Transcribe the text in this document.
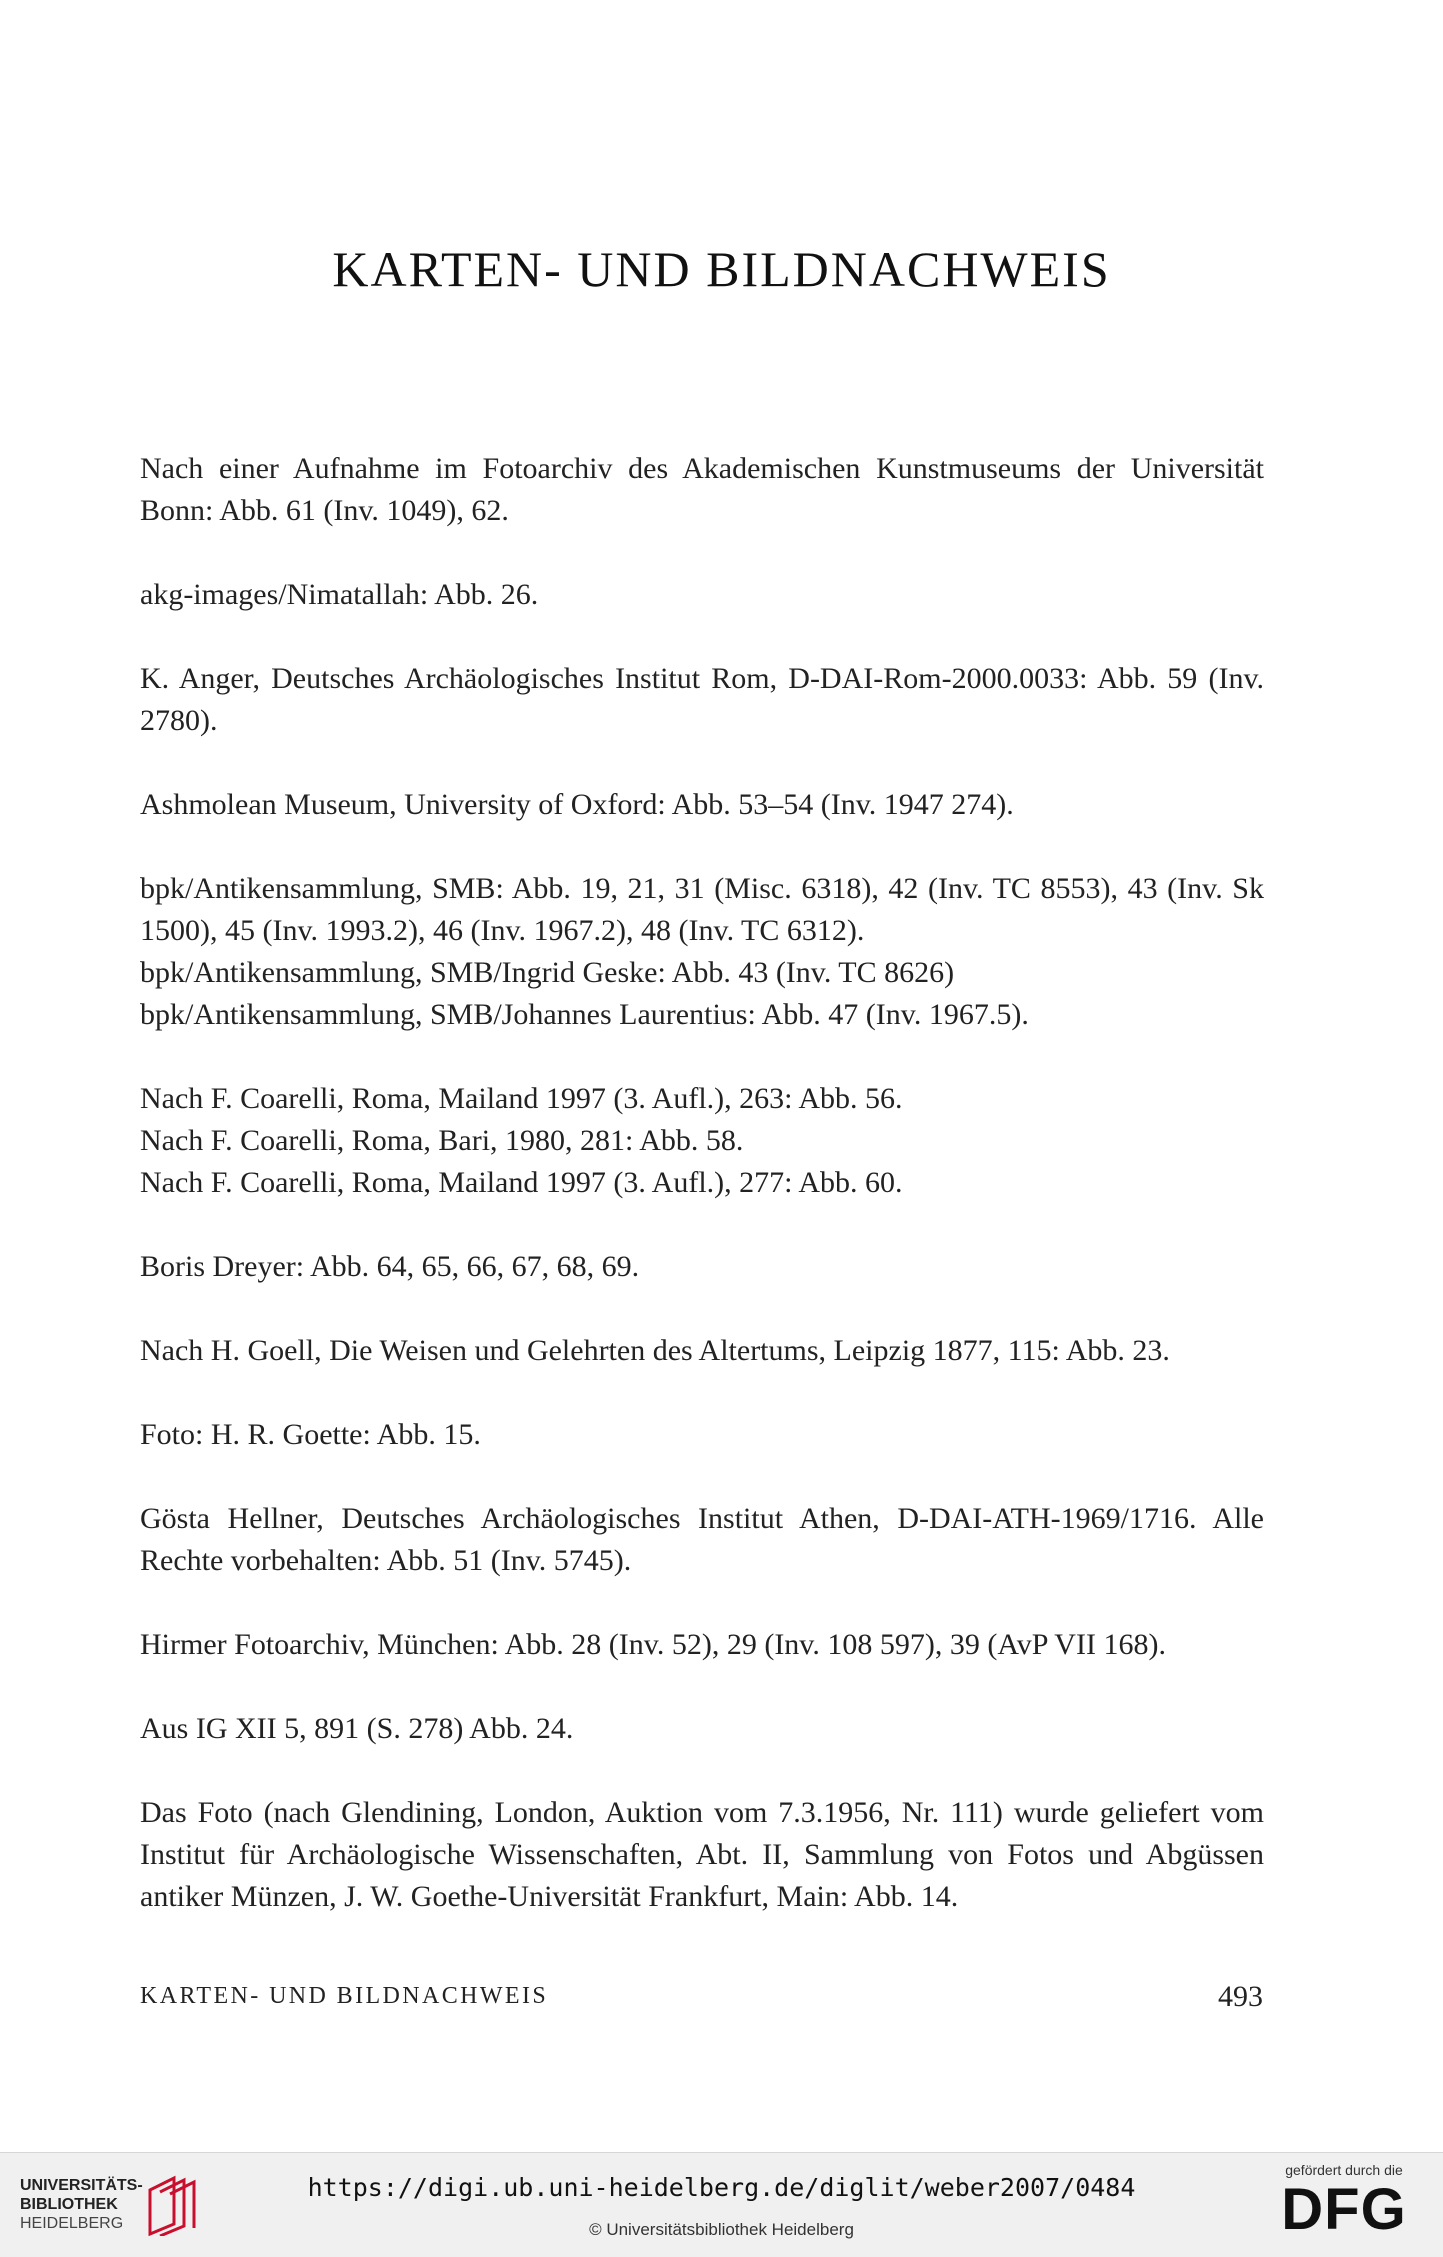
KARTEN- UND BILDNACHWEIS
Nach einer Aufnahme im Fotoarchiv des Akademischen Kunstmuseums der Universität
Bonn: Abb. 61 (Inv. 1049), 62.
akg-images/Nimatallah: Abb. 26.
K. Anger, Deutsches Archäologisches Institut Rom, D-DAI-Rom-2000.0033: Abb. 59 (Inv.
2780).
Ashmolean Museum, University of Oxford: Abb. 53–54 (Inv. 1947 274).
bpk/Antikensammlung, SMB: Abb. 19, 21, 31 (Misc. 6318), 42 (Inv. TC 8553), 43 (Inv. Sk
1500), 45 (Inv. 1993.2), 46 (Inv. 1967.2), 48 (Inv. TC 6312).
bpk/Antikensammlung, SMB/Ingrid Geske: Abb. 43 (Inv. TC 8626)
bpk/Antikensammlung, SMB/Johannes Laurentius: Abb. 47 (Inv. 1967.5).
Nach F. Coarelli, Roma, Mailand 1997 (3. Aufl.), 263: Abb. 56.
Nach F. Coarelli, Roma, Bari, 1980, 281: Abb. 58.
Nach F. Coarelli, Roma, Mailand 1997 (3. Aufl.), 277: Abb. 60.
Boris Dreyer: Abb. 64, 65, 66, 67, 68, 69.
Nach H. Goell, Die Weisen und Gelehrten des Altertums, Leipzig 1877, 115: Abb. 23.
Foto: H. R. Goette: Abb. 15.
Gösta Hellner, Deutsches Archäologisches Institut Athen, D-DAI-ATH-1969/1716. Alle
Rechte vorbehalten: Abb. 51 (Inv. 5745).
Hirmer Fotoarchiv, München: Abb. 28 (Inv. 52), 29 (Inv. 108 597), 39 (AvP VII 168).
Aus IG XII 5, 891 (S. 278) Abb. 24.
Das Foto (nach Glendining, London, Auktion vom 7.3.1956, Nr. 111) wurde geliefert vom
Institut für Archäologische Wissenschaften, Abt. II, Sammlung von Fotos und Abgüssen
antiker Münzen, J. W. Goethe-Universität Frankfurt, Main: Abb. 14.
KARTEN- UND BILDNACHWEIS	493
UNIVERSITÄTS-
BIBLIOTHEK
HEIDELBERG
https://digi.ub.uni-heidelberg.de/diglit/weber2007/0484
© Universitätsbibliothek Heidelberg
gefördert durch die
DFG
